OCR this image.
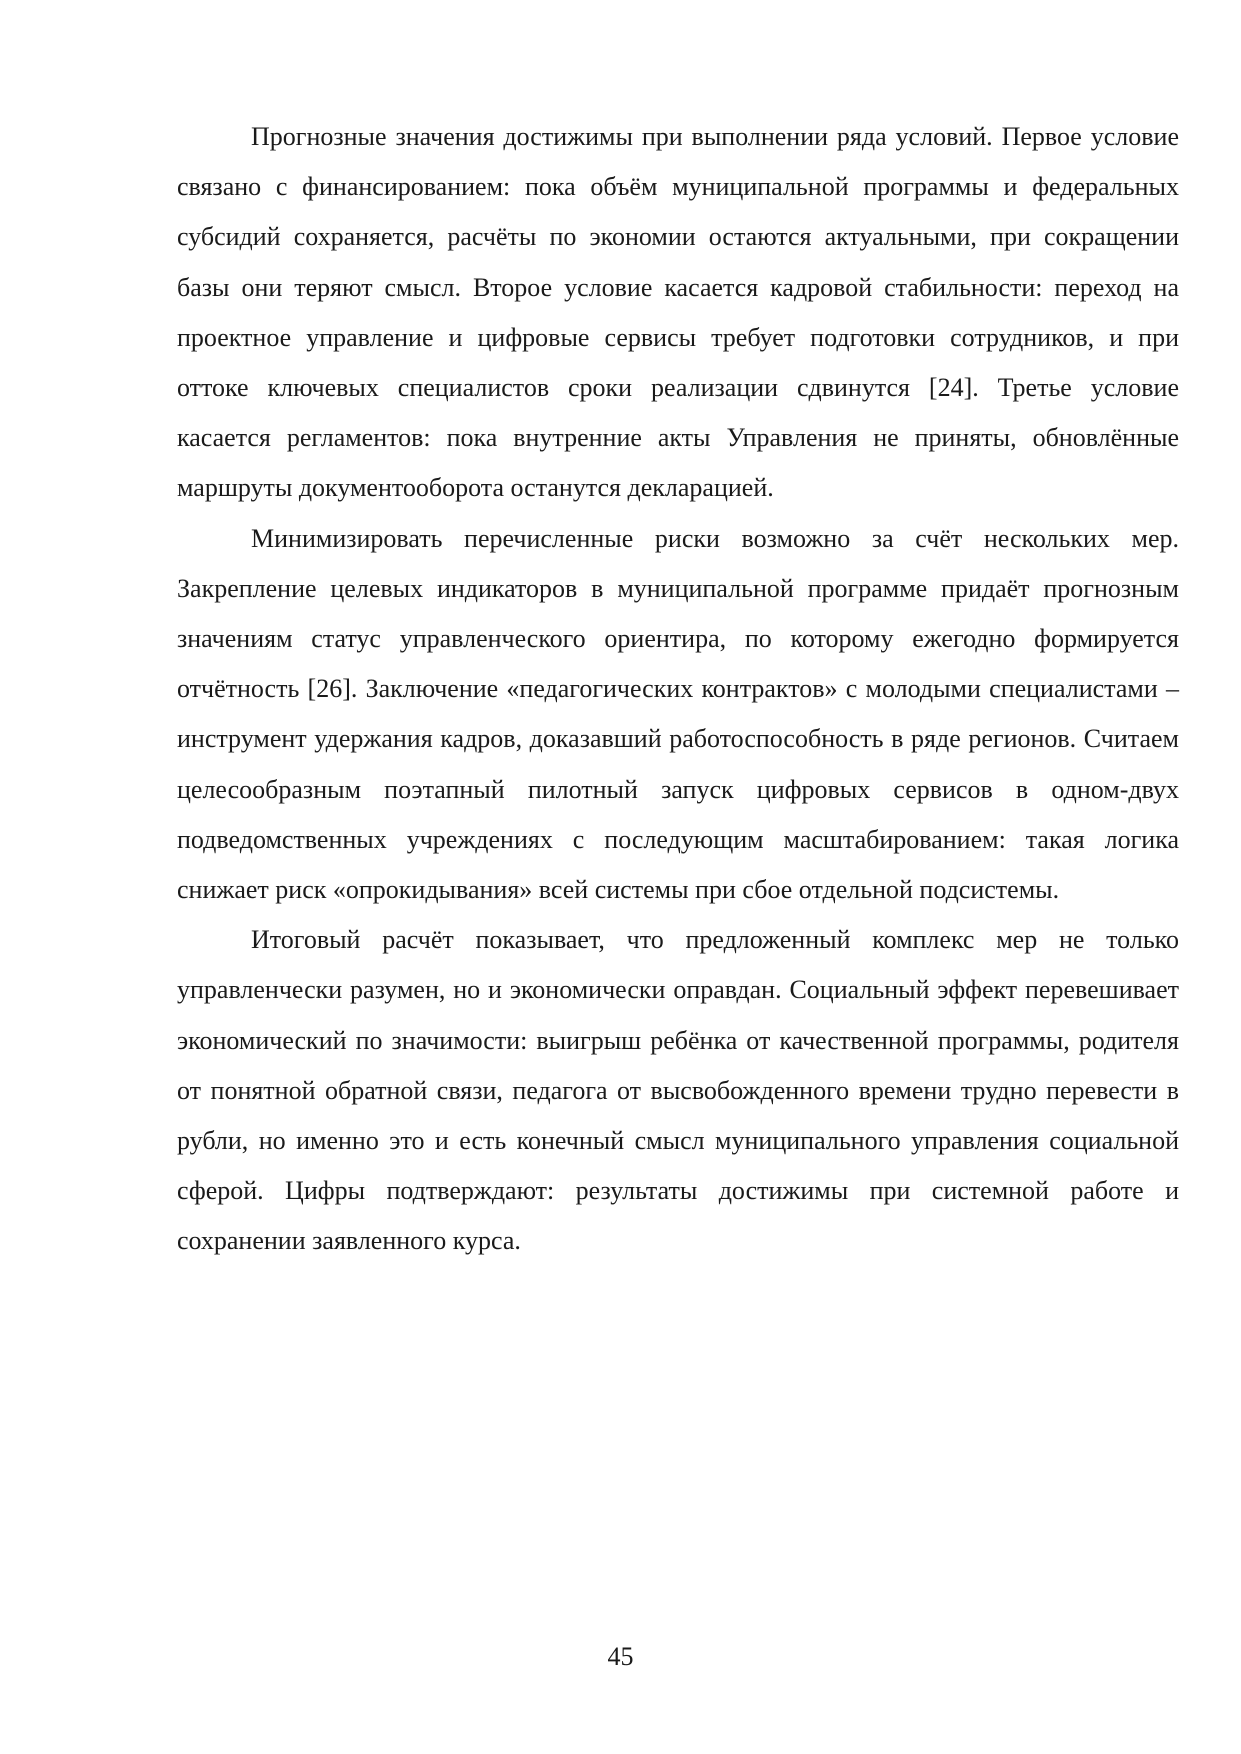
Прогнозные значения достижимы при выполнении ряда условий. Первое условие связано с финансированием: пока объём муниципальной программы и федеральных субсидий сохраняется, расчёты по экономии остаются актуальными, при сокращении базы они теряют смысл. Второе условие касается кадровой стабильности: переход на проектное управление и цифровые сервисы требует подготовки сотрудников, и при оттоке ключевых специалистов сроки реализации сдвинутся [24]. Третье условие касается регламентов: пока внутренние акты Управления не приняты, обновлённые маршруты документооборота останутся декларацией.

Минимизировать перечисленные риски возможно за счёт нескольких мер. Закрепление целевых индикаторов в муниципальной программе придаёт прогнозным значениям статус управленческого ориентира, по которому ежегодно формируется отчётность [26]. Заключение «педагогических контрактов» с молодыми специалистами – инструмент удержания кадров, доказавший работоспособность в ряде регионов. Считаем целесообразным поэтапный пилотный запуск цифровых сервисов в одном-двух подведомственных учреждениях с последующим масштабированием: такая логика снижает риск «опрокидывания» всей системы при сбое отдельной подсистемы.

Итоговый расчёт показывает, что предложенный комплекс мер не только управленчески разумен, но и экономически оправдан. Социальный эффект перевешивает экономический по значимости: выигрыш ребёнка от качественной программы, родителя от понятной обратной связи, педагога от высвобожденного времени трудно перевести в рубли, но именно это и есть конечный смысл муниципального управления социальной сферой. Цифры подтверждают: результаты достижимы при системной работе и сохранении заявленного курса.

45
